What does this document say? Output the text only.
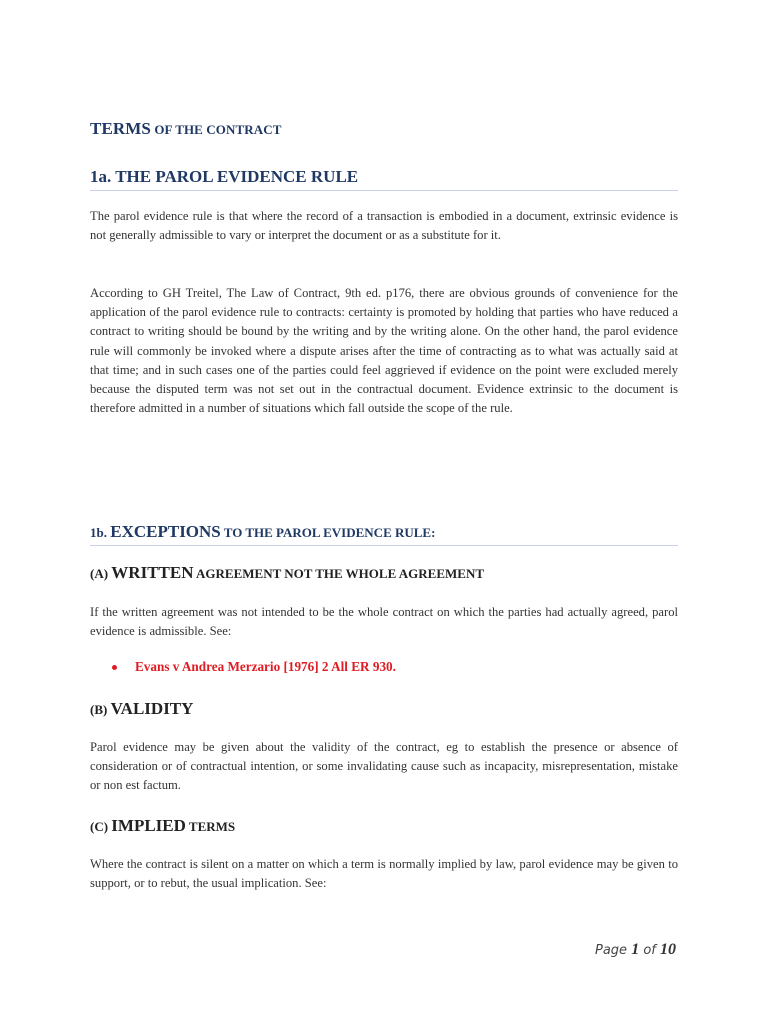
TERMS OF THE CONTRACT
1a. THE PAROL EVIDENCE RULE

The parol evidence rule is that where the record of a transaction is embodied in a document, extrinsic evidence is not generally admissible to vary or interpret the document or as a substitute for it.

According to GH Treitel, The Law of Contract, 9th ed. p176, there are obvious grounds of convenience for the application of the parol evidence rule to contracts: certainty is promoted by holding that parties who have reduced a contract to writing should be bound by the writing and by the writing alone. On the other hand, the parol evidence rule will commonly be invoked where a dispute arises after the time of contracting as to what was actually said at that time; and in such cases one of the parties could feel aggrieved if evidence on the point were excluded merely because the disputed term was not set out in the contractual document. Evidence extrinsic to the document is therefore admitted in a number of situations which fall outside the scope of the rule.

1b. EXCEPTIONS TO THE PAROL EVIDENCE RULE:
(A) WRITTEN AGREEMENT NOT THE WHOLE AGREEMENT

If the written agreement was not intended to be the whole contract on which the parties had actually agreed, parol evidence is admissible. See:

Evans v Andrea Merzario [1976] 2 All ER 930.
(B) VALIDITY

Parol evidence may be given about the validity of the contract, eg to establish the presence or absence of consideration or of contractual intention, or some invalidating cause such as incapacity, misrepresentation, mistake or non est factum.

(C) IMPLIED TERMS

Where the contract is silent on a matter on which a term is normally implied by law, parol evidence may be given to support, or to rebut, the usual implication. See:

Page 1 of 10
